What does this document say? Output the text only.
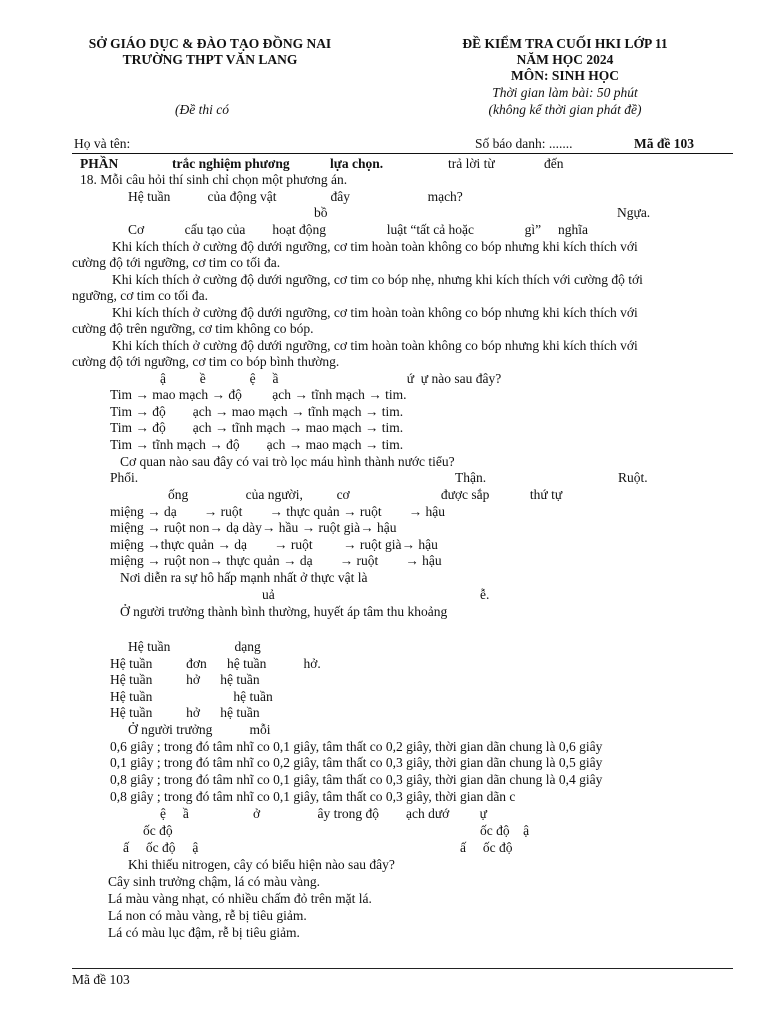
SỞ GIÁO DỤC & ĐÀO TẠO ĐỒNG NAI
TRƯỜNG THPT VĂN LANG
(Đề thi có
ĐỀ KIỂM TRA CUỐI HKI LỚP 11
NĂM HỌC 2024
MÔN: SINH HỌC
Thời gian làm bài: 50 phút
(không kể thời gian phát đề)
Họ và tên:	Số báo danh: .......	Mã đề 103
PHẦN	trắc nghiệm phương	lựa chọn.	trả lời từ	đến
18. Mỗi câu hỏi thí sinh chỉ chọn một phương án.
Hệ tuần           của động vật                đây                       mạch?
bồ	Ngựa.
Cơ            cấu tạo của        hoạt động                  luật “tất cả hoặc               gì”     nghĩa
Khi kích thích ở cường độ dưới ngưỡng, cơ tim hoàn toàn không co bóp nhưng khi kích thích với
cường độ tới ngưỡng, cơ tim co tối đa.
Khi kích thích ở cường độ dưới ngưỡng, cơ tim co bóp nhẹ, nhưng khi kích thích với cường độ tới
ngưỡng, cơ tim co tối đa.
Khi kích thích ở cường độ dưới ngưỡng, cơ tim hoàn toàn không co bóp nhưng khi kích thích với
cường độ trên ngưỡng, cơ tim không co bóp.
Khi kích thích ở cường độ dưới ngưỡng, cơ tim hoàn toàn không co bóp nhưng khi kích thích với
cường độ tới ngưỡng, cơ tim co bóp bình thường.
ậ          ề             ệ     ầ                                      ứ  ự nào sau đây?
Tim → mao mạch → độ         ạch → tĩnh mạch → tim.
Tim → độ        ạch → mao mạch → tĩnh mạch → tim.
Tim → độ        ạch → tĩnh mạch → mao mạch → tim.
Tim → tĩnh mạch → độ        ạch → mao mạch → tim.
Cơ quan nào sau đây có vai trò lọc máu hình thành nước tiểu?
Phổi.	Thận.	Ruột.
ống                 của người,          cơ                           được sắp            thứ tự
miệng → dạ        → ruột        → thực quản → ruột        → hậu
miệng → ruột non→ dạ dày→ hầu → ruột già→ hậu
miệng →thực quản → dạ        → ruột         → ruột già→ hậu
miệng → ruột non→ thực quản → dạ        → ruột        → hậu
Nơi diễn ra sự hô hấp mạnh nhất ở thực vật là
uả	ễ.
Ở người trưởng thành bình thường, huyết áp tâm thu khoảng
Hệ tuần                   dạng
Hệ tuần          đơn      hệ tuần           hở.
Hệ tuần          hở      hệ tuần
Hệ tuần                        hệ tuần
Hệ tuần          hở      hệ tuần
Ở người trưởng           mỗi
0,6 giây ; trong đó tâm nhĩ co 0,1 giây, tâm thất co 0,2 giây, thời gian dãn chung là 0,6 giây
0,1 giây ; trong đó tâm nhĩ co 0,2 giây, tâm thất co 0,3 giây, thời gian dãn chung là 0,5 giây
0,8 giây ; trong đó tâm nhĩ co 0,1 giây, tâm thất co 0,3 giây, thời gian dãn chung là 0,4 giây
0,8 giây ; trong đó tâm nhĩ co 0,1 giây, tâm thất co 0,3 giây, thời gian dãn c
ệ     ầ                   ở                 ây trong độ        ạch dướ         ự
ốc độ	ốc độ    ậ
ấ     ốc độ     ậ	ấ     ốc độ
Khi thiếu nitrogen, cây có biểu hiện nào sau đây?
Cây sinh trưởng chậm, lá có màu vàng.
Lá màu vàng nhạt, có nhiều chấm đỏ trên mặt lá.
Lá non có màu vàng, rễ bị tiêu giảm.
Lá có màu lục đậm, rễ bị tiêu giảm.
Mã đề 103
